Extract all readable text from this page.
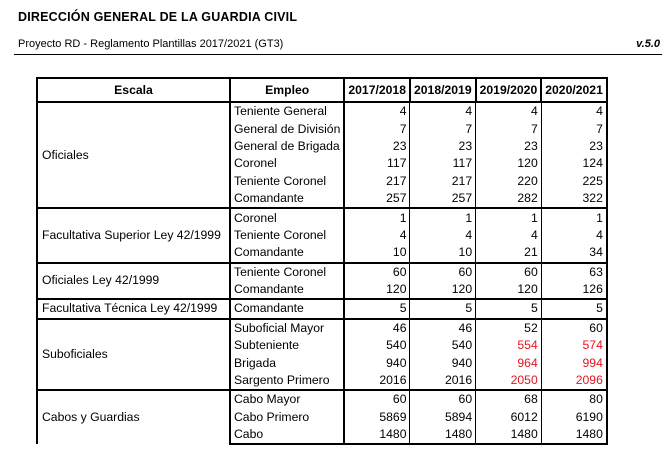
DIRECCIÓN GENERAL DE LA GUARDIA CIVIL
Proyecto RD - Reglamento Plantillas 2017/2021 (GT3)	v.5.0
Escala	Empleo	2017/2018	2018/2019	2019/2020	2020/2021
Oficiales	Teniente General	4	4	4	4
	General de División	7	7	7	7
	General de Brigada	23	23	23	23
	Coronel	117	117	120	124
	Teniente Coronel	217	217	220	225
	Comandante	257	257	282	322
Facultativa Superior Ley 42/1999	Coronel	1	1	1	1
	Teniente Coronel	4	4	4	4
	Comandante	10	10	21	34
Oficiales Ley 42/1999	Teniente Coronel	60	60	60	63
	Comandante	120	120	120	126
Facultativa Técnica Ley 42/1999	Comandante	5	5	5	5
Suboficiales	Suboficial Mayor	46	46	52	60
	Subteniente	540	540	554	574
	Brigada	940	940	964	994
	Sargento Primero	2016	2016	2050	2096
Cabos y Guardias	Cabo Mayor	60	60	68	80
	Cabo Primero	5869	5894	6012	6190
	Cabo	1480	1480	1480	1480
